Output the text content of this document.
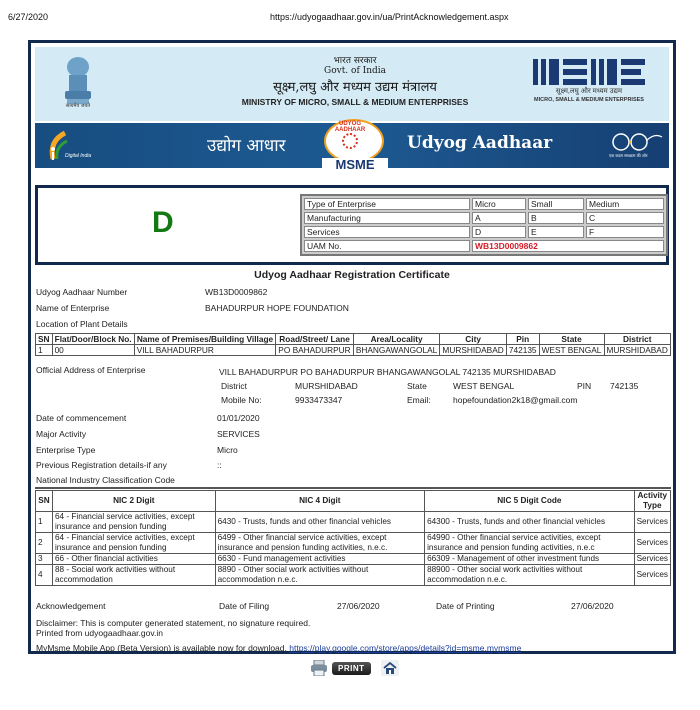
6/27/2020	https://udyogaadhaar.gov.in/ua/PrintAcknowledgement.aspx
सत्यमेव जयते
भारत सरकार
Govt. of India
सूक्ष्म,लघु और मध्यम उद्यम मंत्रालय
MINISTRY OF MICRO, SMALL & MEDIUM ENTERPRISES
सूक्ष्म,लघु और मध्यम उद्यम
MICRO, SMALL & MEDIUM ENTERPRISES
Digital India	उद्योग आधार
UDYOG AADHAAR
MSME
Udyog Aadhaar
एक कदम स्वच्छता की ओर
D
Type of Enterprise	Micro	Small	Medium
Manufacturing	A	B	C
Services	D	E	F
UAM No.	WB13D0009862		
Udyog Aadhaar Registration Certificate
Udyog Aadhaar Number	WB13D0009862
Name of Enterprise	BAHADURPUR HOPE FOUNDATION
Location of Plant Details
SN	Flat/Door/Block No.	Name of Premises/Building Village	Road/Street/ Lane	Area/Locality	City	Pin	State	District
1	00	VILL BAHADURPUR	PO BAHADURPUR	BHANGAWANGOLAL	MURSHIDABAD	742135	WEST BENGAL	MURSHIDABAD
Official Address of Enterprise	VILL BAHADURPUR PO BAHADURPUR BHANGAWANGOLAL 742135 MURSHIDABAD
District	MURSHIDABAD	State	WEST BENGAL	PIN 742135
Mobile No:	9933473347	Email:	hopefoundation2k18@gmail.com
Date of commencement	01/01/2020
Major Activity	SERVICES
Enterprise Type	Micro
Previous Registration details-if any	::
National Industry Classification Code
SN	NIC 2 Digit	NIC 4 Digit	NIC 5 Digit Code	Activity Type
1	64 - Financial service activities, except insurance and pension funding	6430 - Trusts, funds and other financial vehicles	64300 - Trusts, funds and other financial vehicles	Services
2	64 - Financial service activities, except insurance and pension funding	6499 - Other financial service activities, except insurance and pension funding activities, n.e.c.	64990 - Other financial service activities, except insurance and pension funding activities, n.e.c	Services
3	66 - Other financial activities	6630 - Fund management activities	66309 - Management of other investment funds	Services
4	88 - Social work activities without accommodation	8890 - Other social work activities without accommodation n.e.c.	88900 - Other social work activities without accommodation n.e.c.	Services
Acknowledgement	Date of Filing	27/06/2020	Date of Printing	27/06/2020
Disclaimer: This is computer generated statement, no signature required.
Printed from udyogaadhaar.gov.in
MyMsme Mobile App (Beta Version) is available now for download. https://play.google.com/store/apps/details?id=msme.mymsme
PRINT
